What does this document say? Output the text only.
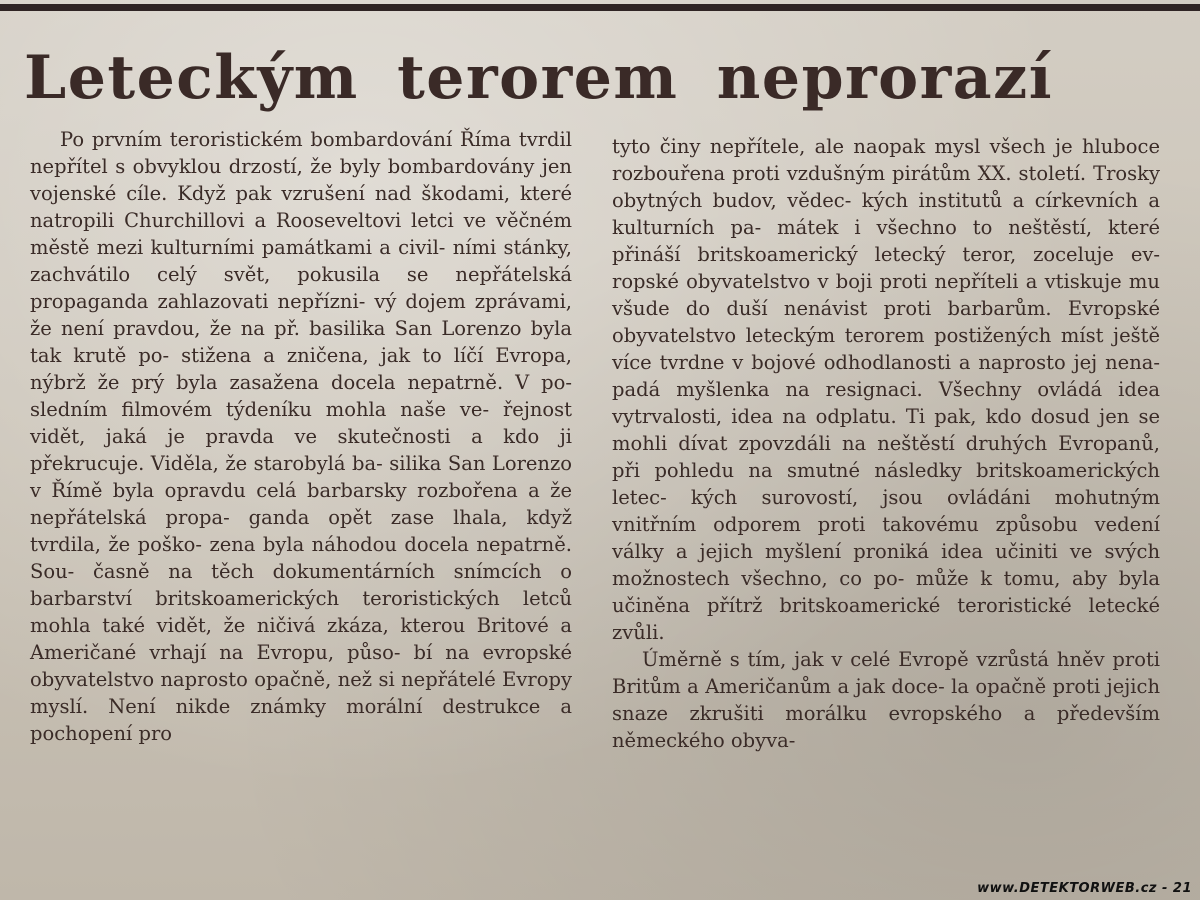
Leteckým terorem neprorazí

Po prvním teroristickém bombardování Říma tvrdil nepřítel s obvyklou drzostí, že byly bombardovány jen vojenské cíle. Když pak vzrušení nad škodami, které natropili Churchillovi a Rooseveltovi letci ve věčném městě mezi kulturními památkami a civil- ními stánky, zachvátilo celý svět, pokusila se nepřátelská propaganda zahlazovati nepřízni- vý dojem zprávami, že není pravdou, že na př. basilika San Lorenzo byla tak krutě po- stižena a zničena, jak to líčí Evropa, nýbrž že prý byla zasažena docela nepatrně. V po- sledním filmovém týdeníku mohla naše ve- řejnost vidět, jaká je pravda ve skutečnosti a kdo ji překrucuje. Viděla, že starobylá ba- silika San Lorenzo v Římě byla opravdu celá barbarsky rozbořena a že nepřátelská propa- ganda opět zase lhala, když tvrdila, že poško- zena byla náhodou docela nepatrně. Sou- časně na těch dokumentárních snímcích o barbarství britskoamerických teroristických letců mohla také vidět, že ničivá zkáza, kterou Britové a Američané vrhají na Evropu, půso- bí na evropské obyvatelstvo naprosto opačně, než si nepřátelé Evropy myslí. Není nikde známky morální destrukce a pochopení pro

tyto činy nepřítele, ale naopak mysl všech je hluboce rozbouřena proti vzdušným pirátům XX. století. Trosky obytných budov, vědec- kých institutů a církevních a kulturních pa- mátek i všechno to neštěstí, které přináší britskoamerický letecký teror, zoceluje ev- ropské obyvatelstvo v boji proti nepříteli a vtiskuje mu všude do duší nenávist proti barbarům. Evropské obyvatelstvo leteckým terorem postižených míst ještě více tvrdne v bojové odhodlanosti a naprosto jej nena- padá myšlenka na resignaci. Všechny ovládá idea vytrvalosti, idea na odplatu. Ti pak, kdo dosud jen se mohli dívat zpovzdáli na neštěstí druhých Evropanů, při pohledu na smutné následky britskoamerických letec- kých surovostí, jsou ovládáni mohutným vnitřním odporem proti takovému způsobu vedení války a jejich myšlení proniká idea učiniti ve svých možnostech všechno, co po- může k tomu, aby byla učiněna přítrž britskoamerické teroristické letecké zvůli.

Úměrně s tím, jak v celé Evropě vzrůstá hněv proti Britům a Američanům a jak doce- la opačně proti jejich snaze zkrušiti morálku evropského a především německého obyva-

www.DETEKTORWEB.cz - 21
